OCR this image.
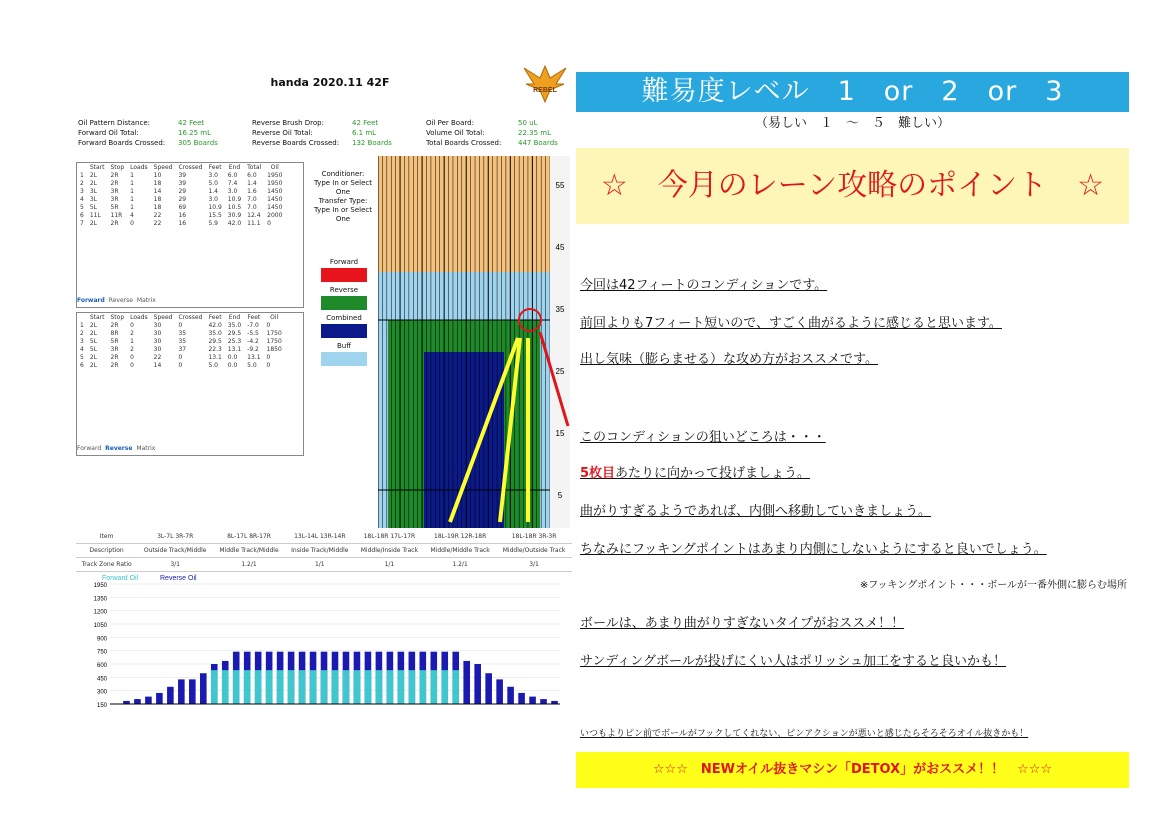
handa 2020.11 42F
REBEL
Oil Pattern Distance:	42 Feet
Forward Oil Total:	16.25 mL
Forward Boards Crossed: 305 Boards
Reverse Brush Drop:	42 Feet
Reverse Oil Total:	6.1 mL
Reverse Boards Crossed: 132 Boards
Oil Per Board:	50 uL
Volume Oil Total:	22.35 mL
Total Boards Crossed: 447 Boards
	Start	Stop	Loads	Speed	Crossed	Feet	End	Total	Oil
1	2L	2R	1	10	39	3.0	6.0	6.0	1950
2	2L	2R	1	18	39	5.0	7.4	1.4	1950
3	3L	3R	1	14	29	1.4	3.0	1.6	1450
4	3L	3R	1	18	29	3.0	10.9	7.0	1450
5	5L	5R	1	18	69	10.9	10.5	7.0	1450
6	11L	11R	4	22	16	15.5	30.9	12.4	2000
7	2L	2R	0	22	16	5.9	42.0	11.1	0
Forward Reverse Matrix
	Start	Stop	Loads	Speed	Crossed	Feet	End	Feet	Oil
1	2L	2R	0	30	0	42.0	35.0	-7.0	0
2	2L	8R	2	30	35	35.0	29.5	-5.5	1750
3	5L	5R	1	30	35	29.5	25.3	-4.2	1750
4	5L	3R	2	30	37	22.3	13.1	-9.2	1850
5	2L	2R	0	22	0	13.1	0.0	13.1	0
6	2L	2R	0	14	0	5.0	0.0	5.0	0
Forward Reverse Matrix
Conditioner:
Type In or Select
One
Transfer Type:
Type In or Select
One
Forward
Reverse
Combined
Buff
55
45
35
25
15
5
Item	3L-7L 3R-7R	8L-17L 8R-17R	13L-14L 13R-14R	18L-18R 17L-17R	18L-19R 12R-18R	18L-18R 3R-3R
Description	Outside Track/Middle	Middle Track/Middle	Inside Track/Middle	Middle/Inside Track	Middle/Middle Track	Middle/Outside Track
Track Zone Ratio	3/1	1.2/1	1/1	1/1	1.2/1	3/1
1950
1350
1200
1050
900
750
600
450
300
150
Forward Oil	Reverse Oil
難易度レベル　1　or　2　or　3
（易しい　１　～　５　難しい）
☆　今月のレーン攻略のポイント　☆
今回は42フィートのコンディションです。
前回よりも7フィート短いので、すごく曲がるように感じると思います。
出し気味（膨らませる）な攻め方がおススメです。
このコンディションの狙いどころは・・・
5枚目あたりに向かって投げましょう。
曲がりすぎるようであれば、内側へ移動していきましょう。
ちなみにフッキングポイントはあまり内側にしないようにすると良いでしょう。
※フッキングポイント・・・ボールが一番外側に膨らむ場所
ボールは、あまり曲がりすぎないタイプがおススメ！！
サンディングボールが投げにくい人はポリッシュ加工をすると良いかも！
いつもよりピン前でボールがフックしてくれない、ピンアクションが悪いと感じたらそろそろオイル抜きかも！
☆☆☆　NEWオイル抜きマシン「DETOX」がおススメ！！　☆☆☆
